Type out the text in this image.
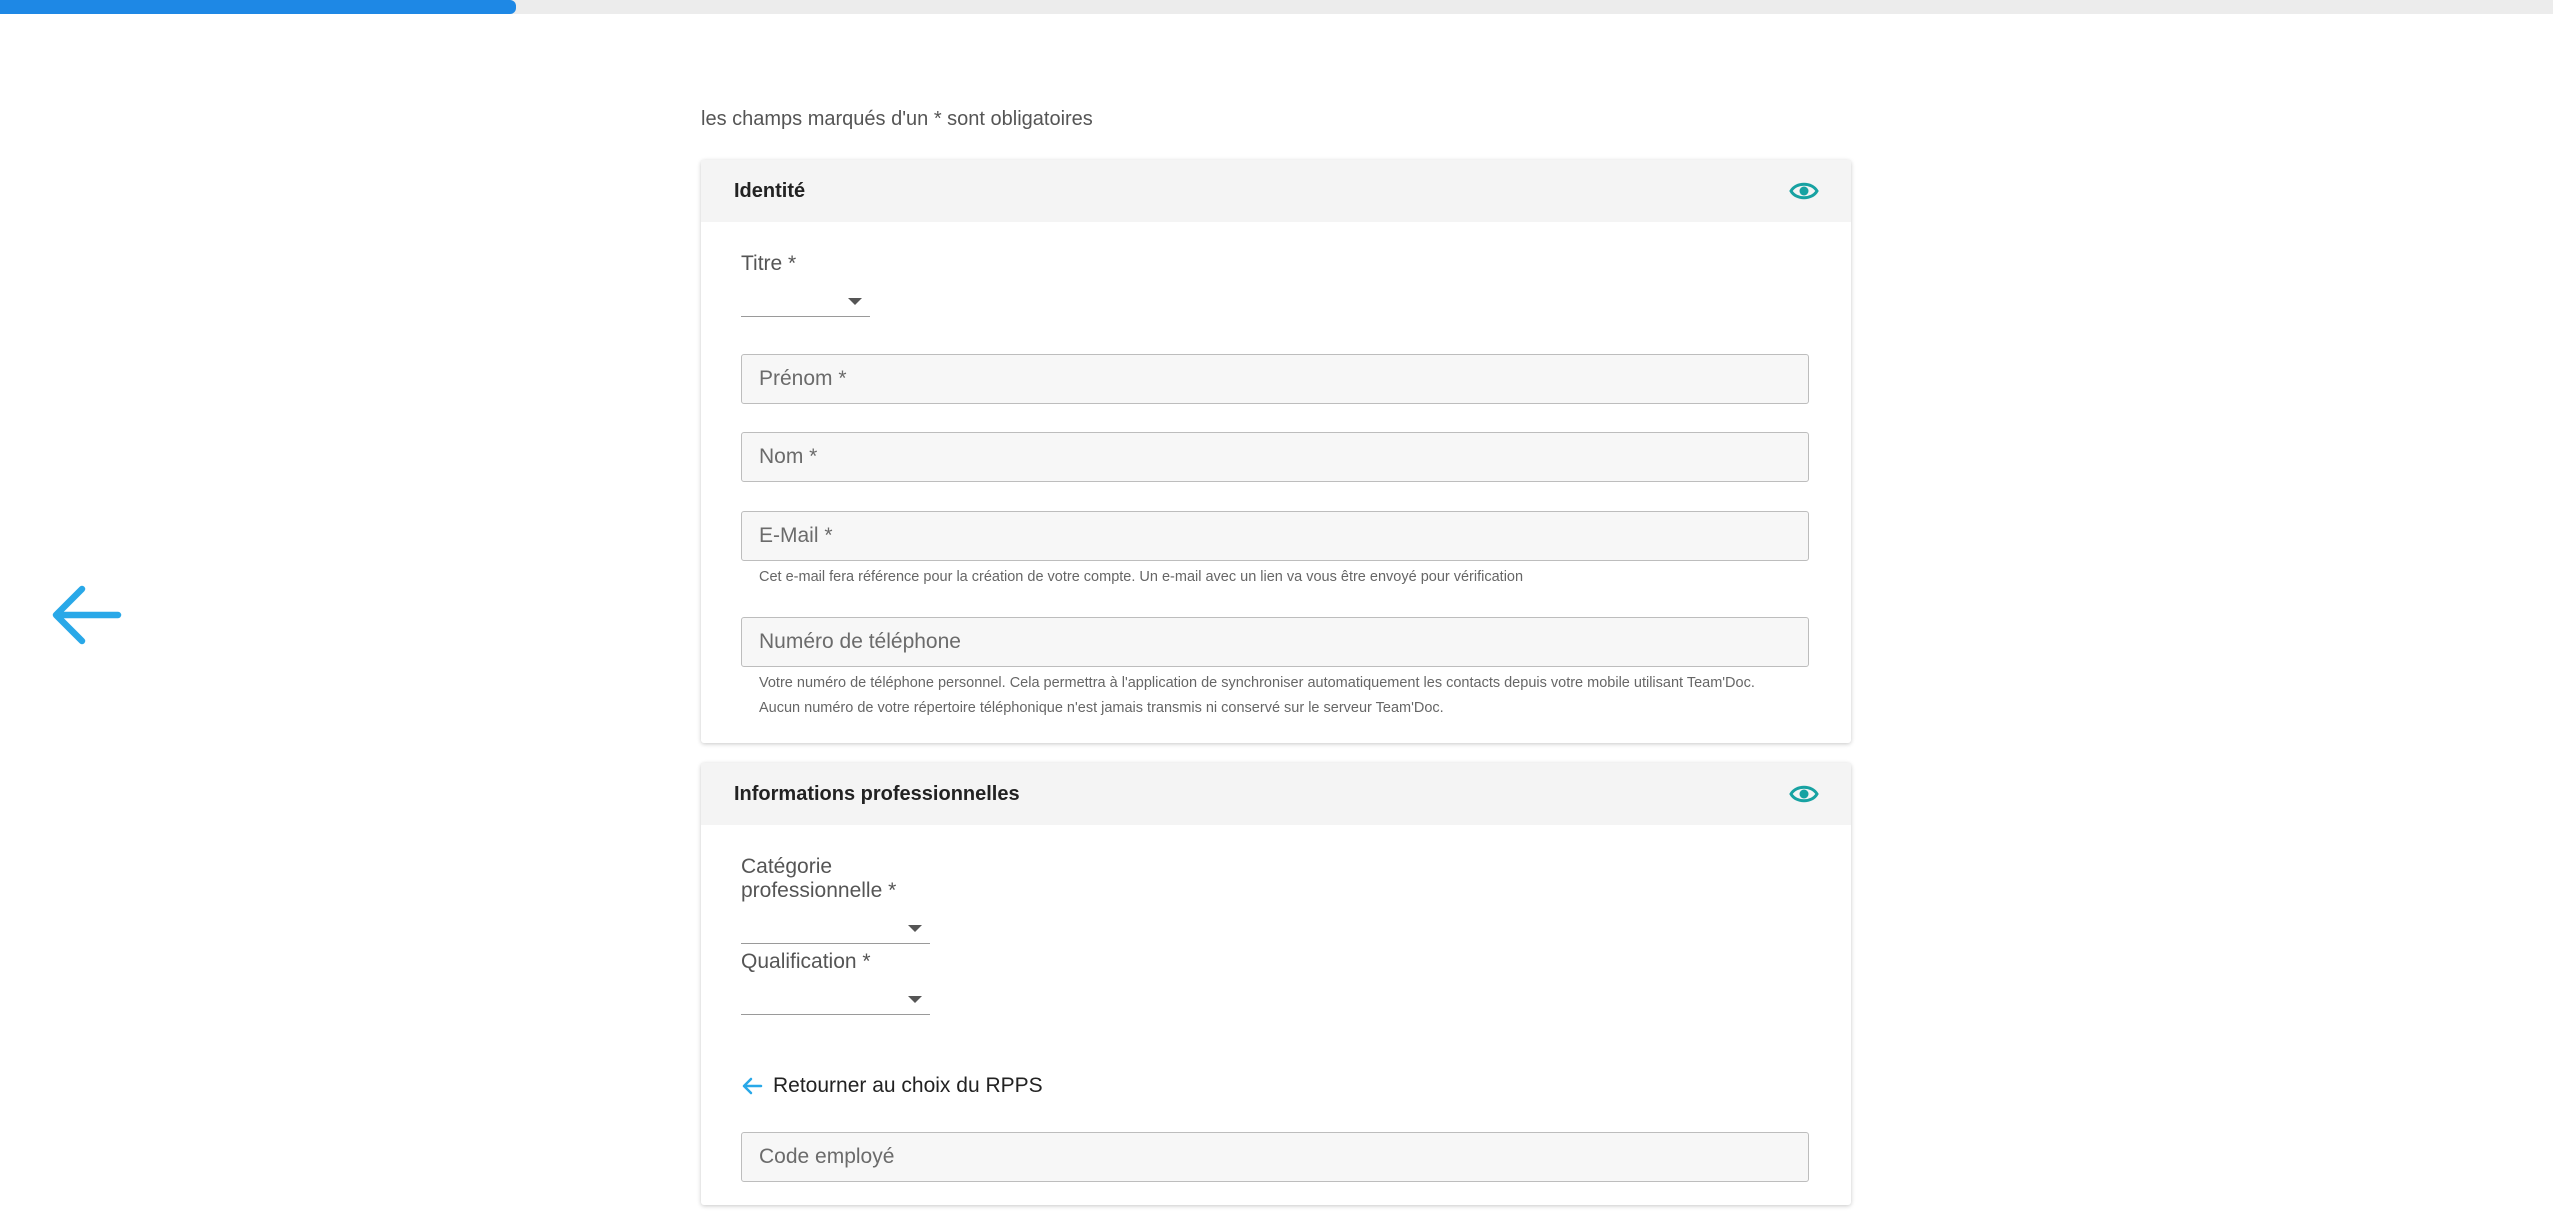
les champs marqués d'un * sont obligatoires
Identité
Titre *
Prénom *
Nom *
E-Mail *
Cet e-mail fera référence pour la création de votre compte. Un e-mail avec un lien va vous être envoyé pour vérification
Numéro de téléphone
Votre numéro de téléphone personnel. Cela permettra à l'application de synchroniser automatiquement les contacts depuis votre mobile utilisant Team'Doc. Aucun numéro de votre répertoire téléphonique n'est jamais transmis ni conservé sur le serveur Team'Doc.
Informations professionnelles
Catégorie professionnelle *
Qualification *
Retourner au choix du RPPS
Code employé
